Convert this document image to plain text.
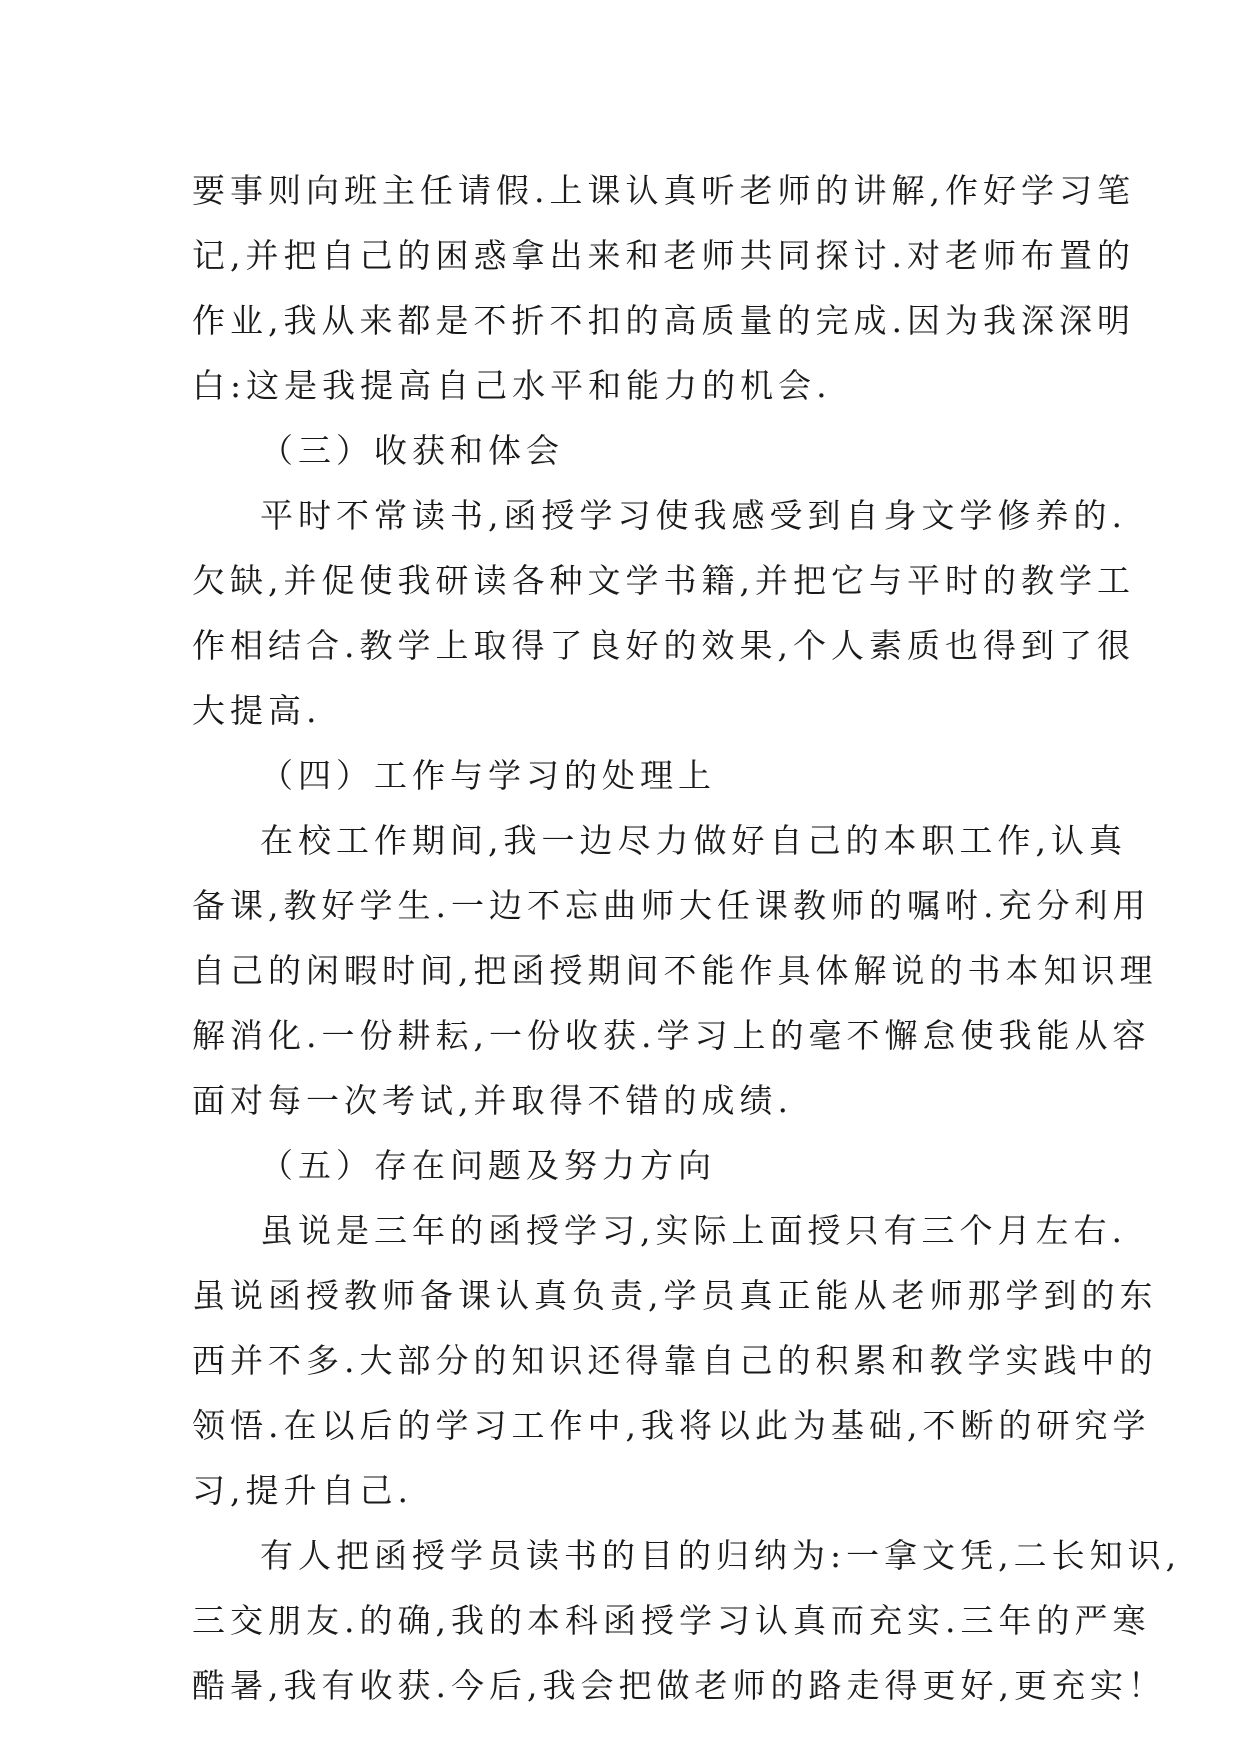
要事则向班主任请假.上课认真听老师的讲解,作好学习笔
记,并把自己的困惑拿出来和老师共同探讨.对老师布置的
作业,我从来都是不折不扣的高质量的完成.因为我深深明
白:这是我提高自己水平和能力的机会.
（三）收获和体会
平时不常读书,函授学习使我感受到自身文学修养的.
欠缺,并促使我研读各种文学书籍,并把它与平时的教学工
作相结合.教学上取得了良好的效果,个人素质也得到了很
大提高.
（四）工作与学习的处理上
在校工作期间,我一边尽力做好自己的本职工作,认真
备课,教好学生.一边不忘曲师大任课教师的嘱咐.充分利用
自己的闲暇时间,把函授期间不能作具体解说的书本知识理
解消化.一份耕耘,一份收获.学习上的毫不懈怠使我能从容
面对每一次考试,并取得不错的成绩.
（五）存在问题及努力方向
虽说是三年的函授学习,实际上面授只有三个月左右.
虽说函授教师备课认真负责,学员真正能从老师那学到的东
西并不多.大部分的知识还得靠自己的积累和教学实践中的
领悟.在以后的学习工作中,我将以此为基础,不断的研究学
习,提升自己.
有人把函授学员读书的目的归纳为:一拿文凭,二长知识,
三交朋友.的确,我的本科函授学习认真而充实.三年的严寒
酷暑,我有收获.今后,我会把做老师的路走得更好,更充实！
